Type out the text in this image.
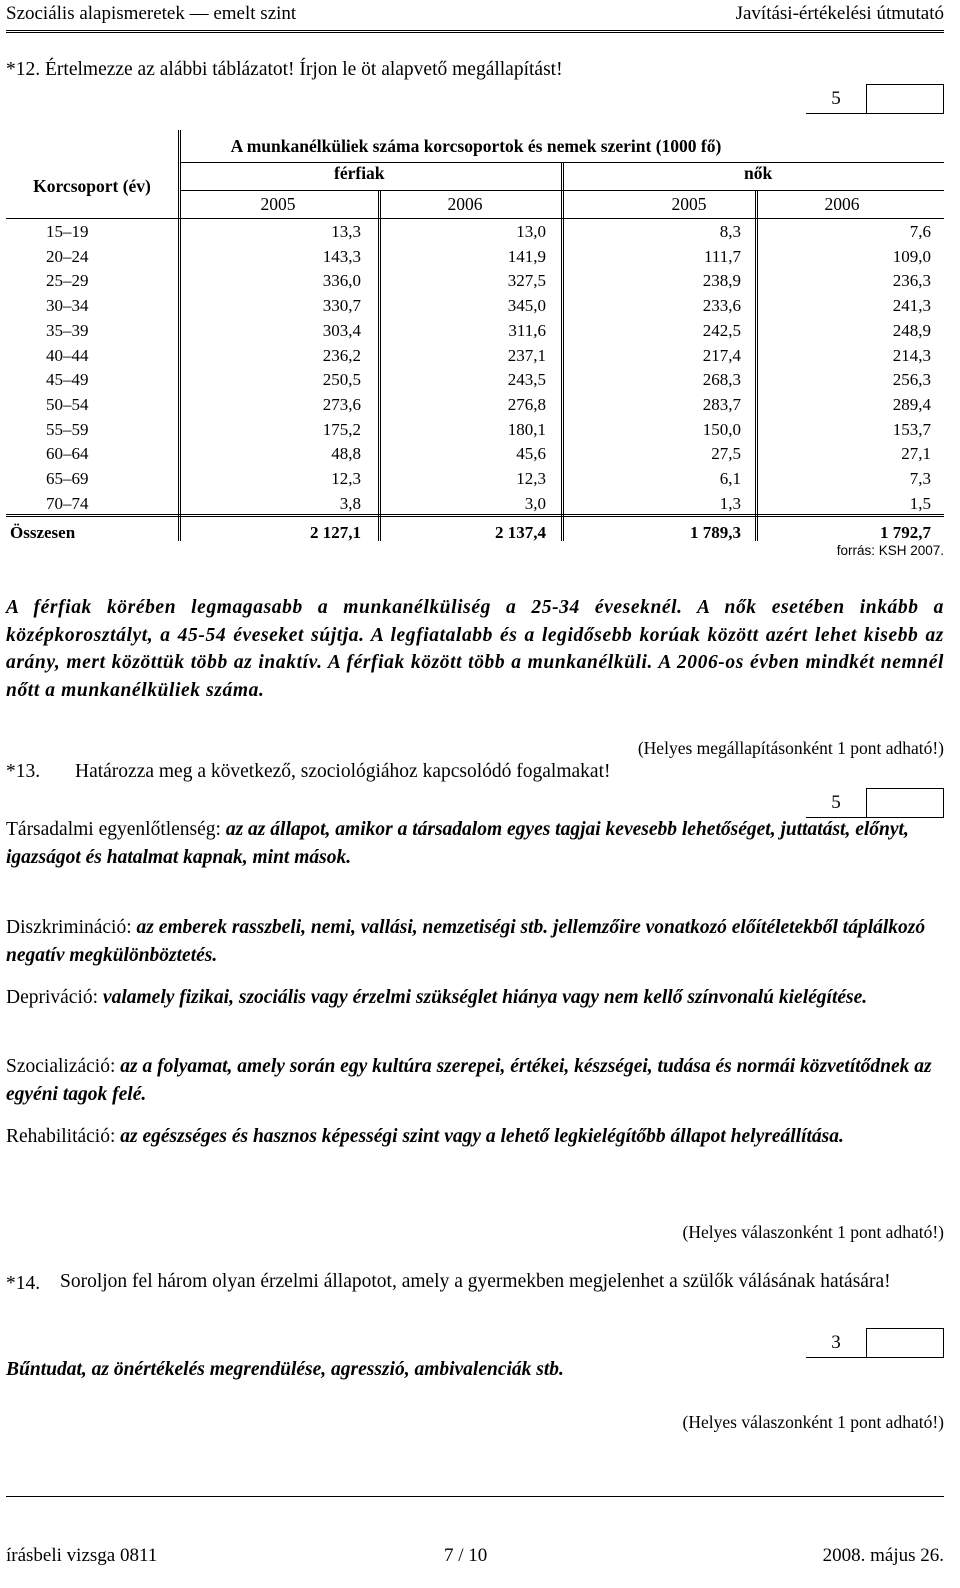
Szociális alapismeretek — emelt szint	Javítási-értékelési útmutató
*12. Értelmezze az alábbi táblázatot! Írjon le öt alapvető megállapítást!
5
A munkanélküliek száma korcsoportok és nemek szerint (1000 fő)
Korcsoport (év)
férfiak	nők
2005	2006	2005	2006
15–19	13,3	13,0	8,3	7,6
20–24	143,3	141,9	111,7	109,0
25–29	336,0	327,5	238,9	236,3
30–34	330,7	345,0	233,6	241,3
35–39	303,4	311,6	242,5	248,9
40–44	236,2	237,1	217,4	214,3
45–49	250,5	243,5	268,3	256,3
50–54	273,6	276,8	283,7	289,4
55–59	175,2	180,1	150,0	153,7
60–64	48,8	45,6	27,5	27,1
65–69	12,3	12,3	6,1	7,3
70–74	3,8	3,0	1,3	1,5
Összesen	2 127,1	2 137,4	1 789,3	1 792,7
forrás: KSH 2007.
A férfiak körében legmagasabb a munkanélküliség a 25-34 éveseknél. A nők esetében inkább a középkorosztályt, a 45-54 éveseket sújtja. A legfiatalabb és a legidősebb korúak között azért lehet kisebb az arány, mert közöttük több az inaktív. A férfiak között több a munkanélküli. A 2006-os évben mindkét nemnél nőtt a munkanélküliek száma.
(Helyes megállapításonként 1 pont adható!)
*13. Határozza meg a következő, szociológiához kapcsolódó fogalmakat!
5
Társadalmi egyenlőtlenség: az az állapot, amikor a társadalom egyes tagjai kevesebb lehetőséget, juttatást, előnyt, igazságot és hatalmat kapnak, mint mások.
Diszkrimináció: az emberek rasszbeli, nemi, vallási, nemzetiségi stb. jellemzőire vonatkozó előítéletekből táplálkozó negatív megkülönböztetés.
Depriváció: valamely fizikai, szociális vagy érzelmi szükséglet hiánya vagy nem kellő színvonalú kielégítése.
Szocializáció: az a folyamat, amely során egy kultúra szerepei, értékei, készségei, tudása és normái közvetítődnek az egyéni tagok felé.
Rehabilitáció: az egészséges és hasznos képességi szint vagy a lehető legkielégítőbb állapot helyreállítása.
(Helyes válaszonként 1 pont adható!)
*14.	Soroljon fel három olyan érzelmi állapotot, amely a gyermekben megjelenhet a szülők válásának hatására!
3
Bűntudat, az önértékelés megrendülése, agresszió, ambivalenciák stb.
(Helyes válaszonként 1 pont adható!)
írásbeli vizsga 0811	7 / 10	2008. május 26.
